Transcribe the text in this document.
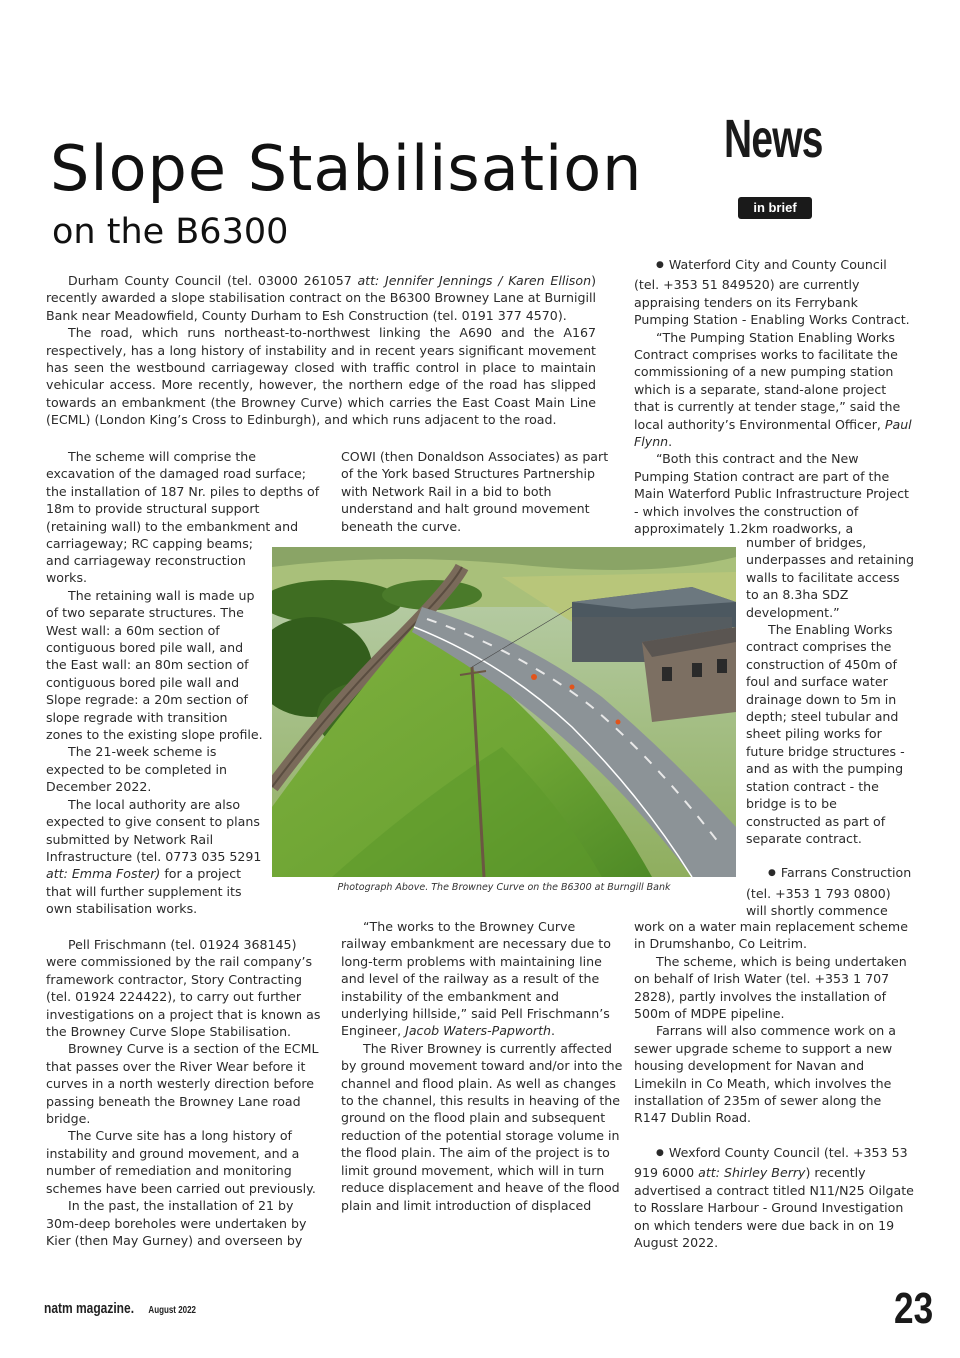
Slope Stabilisation
on the B6300
News
in brief

Durham County Council (tel. 03000 261057 att: Jennifer Jennings / Karen Ellison) recently awarded a slope stabilisation contract on the B6300 Browney Lane at Burnigill Bank near Meadowfield, County Durham to Esh Construction (tel. 0191 377 4570).

The road, which runs northeast-to-northwest linking the A690 and the A167 respectively, has a long history of instability and in recent years significant movement has seen the westbound carriageway closed with traffic control in place to maintain vehicular access. More recently, however, the northern edge of the road has slipped towards an embankment (the Browney Curve) which carries the East Coast Main Line (ECML) (London King’s Cross to Edinburgh), and which runs adjacent to the road.

The scheme will comprise the excavation of the damaged road surface; the installation of 187 Nr. piles to depths of 18m to provide structural support (retaining wall) to the embankment and carriageway; RC capping beams;

and carriageway reconstruction works.

The retaining wall is made up of two separate structures. The West wall: a 60m section of contiguous bored pile wall, and the East wall: an 80m section of contiguous bored pile wall and Slope regrade: a 20m section of slope regrade with transition zones to the existing slope profile.

The 21-week scheme is expected to be completed in December 2022.

The local authority are also expected to give consent to plans submitted by Network Rail Infrastructure (tel. 0773 035 5291 att: Emma Foster) for a project that will further supplement its own stabilisation works.

Pell Frischmann (tel. 01924 368145) were commissioned by the rail company’s framework contractor, Story Contracting (tel. 01924 224422), to carry out further investigations on a project that is known as the Browney Curve Slope Stabilisation.

Browney Curve is a section of the ECML that passes over the River Wear before it curves in a north westerly direction before passing beneath the Browney Lane road bridge.

The Curve site has a long history of instability and ground movement, and a number of remediation and monitoring schemes have been carried out previously.

In the past, the installation of 21 by 30m-deep boreholes were undertaken by Kier (then May Gurney) and overseen by

COWI (then Donaldson Associates) as part of the York based Structures Partnership with Network Rail in a bid to both understand and halt ground movement beneath the curve.

Photograph Above. The Browney Curve on the B6300 at Burngill Bank

“The works to the Browney Curve railway embankment are necessary due to long-term problems with maintaining line and level of the railway as a result of the instability of the embankment and underlying hillside,” said Pell Frischmann’s Engineer, Jacob Waters-Papworth.

The River Browney is currently affected by ground movement toward and/or into the channel and flood plain. As well as changes to the channel, this results in heaving of the ground on the flood plain and subsequent reduction of the potential storage volume in the flood plain. The aim of the project is to limit ground movement, which will in turn reduce displacement and heave of the flood plain and limit introduction of displaced

● Waterford City and County Council (tel. +353 51 849520) are currently appraising tenders on its Ferrybank Pumping Station - Enabling Works Contract.

“The Pumping Station Enabling Works Contract comprises works to facilitate the commissioning of a new pumping station which is a separate, stand-alone project that is currently at tender stage,” said the local authority’s Environmental Officer, Paul Flynn.

“Both this contract and the New Pumping Station contract are part of the Main Waterford Public Infrastructure Project - which involves the construction of approximately 1.2km roadworks, a

number of bridges, underpasses and retaining walls to facilitate access to an 8.3ha SDZ development.”

The Enabling Works contract comprises the construction of 450m of foul and surface water drainage down to 5m in depth; steel tubular and sheet piling works for future bridge structures - and as with the pumping station contract - the bridge is to be constructed as part of separate contract.

● Farrans Construction (tel. +353 1 793 0800) will shortly commence

work on a water main replacement scheme in Drumshanbo, Co Leitrim.

The scheme, which is being undertaken on behalf of Irish Water (tel. +353 1 707 2828), partly involves the installation of 500m of MDPE pipeline.

Farrans will also commence work on a sewer upgrade scheme to support a new housing development for Navan and Limekiln in Co Meath, which involves the installation of 235m of sewer along the R147 Dublin Road.

● Wexford County Council (tel. +353 53 919 6000 att: Shirley Berry) recently advertised a contract titled N11/N25 Oilgate to Rosslare Harbour - Ground Investigation on which tenders were due back in on 19 August 2022.

natm magazine. August 2022	23
